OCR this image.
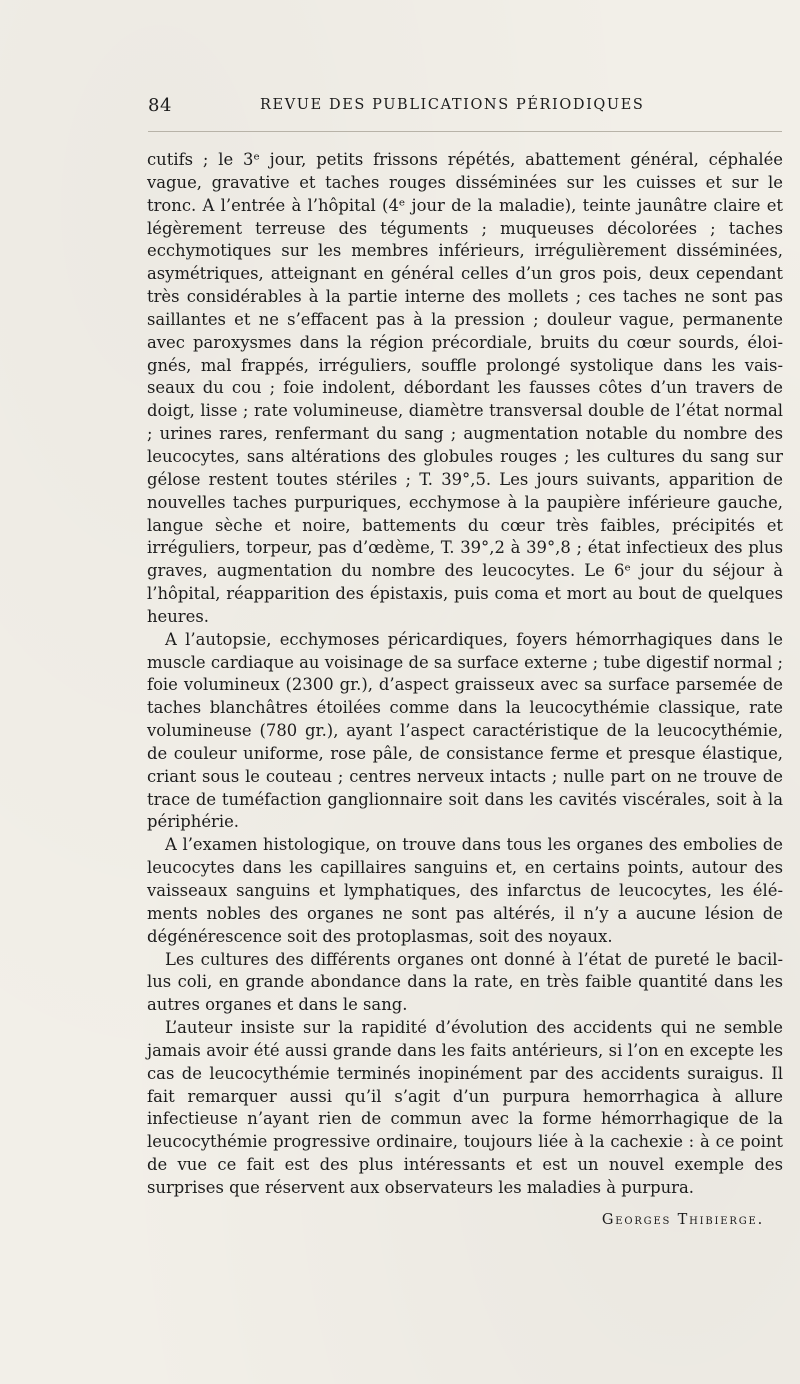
84	REVUE DES PUBLICATIONS PÉRIODIQUES

cutifs ; le 3ᵉ jour, petits frissons répétés, abattement général, céphalée vague, gravative et taches rouges disséminées sur les cuisses et sur le tronc. A l’entrée à l’hôpital (4ᵉ jour de la maladie), teinte jaunâtre claire et légèrement terreuse des téguments ; muqueuses décolorées ; taches ecchymotiques sur les membres inférieurs, irrégulièrement disséminées, asymétriques, atteignant en général celles d’un gros pois, deux cependant très considérables à la partie interne des mollets ; ces taches ne sont pas saillantes et ne s’effacent pas à la pression ; douleur vague, permanente avec paroxysmes dans la région précordiale, bruits du cœur sourds, éloignés, mal frappés, irréguliers, souffle prolongé systolique dans les vaisseaux du cou ; foie indolent, débordant les fausses côtes d’un travers de doigt, lisse ; rate volumineuse, diamètre transversal double de l’état normal ; urines rares, renfermant du sang ; augmentation notable du nombre des leucocytes, sans altérations des globules rouges ; les cultures du sang sur gélose restent toutes stériles ; T. 39°,5. Les jours suivants, apparition de nouvelles taches purpuriques, ecchymose à la paupière inférieure gauche, langue sèche et noire, battements du cœur très faibles, précipités et irréguliers, torpeur, pas d’œdème, T. 39°,2 à 39°,8 ; état infectieux des plus graves, augmentation du nombre des leucocytes. Le 6ᵉ jour du séjour à l’hôpital, réapparition des épistaxis, puis coma et mort au bout de quelques heures.

A l’autopsie, ecchymoses péricardiques, foyers hémorrhagiques dans le muscle cardiaque au voisinage de sa surface externe ; tube digestif normal ; foie volumineux (2300 gr.), d’aspect graisseux avec sa surface parsemée de taches blanchâtres étoilées comme dans la leucocythémie classique, rate volumineuse (780 gr.), ayant l’aspect caractéristique de la leucocythémie, de couleur uniforme, rose pâle, de consistance ferme et presque élastique, criant sous le couteau ; centres nerveux intacts ; nulle part on ne trouve de trace de tuméfaction ganglionnaire soit dans les cavités viscérales, soit à la périphérie.

A l’examen histologique, on trouve dans tous les organes des embolies de leucocytes dans les capillaires sanguins et, en certains points, autour des vaisseaux sanguins et lymphatiques, des infarctus de leucocytes, les éléments nobles des organes ne sont pas altérés, il n’y a aucune lésion de dégénérescence soit des protoplasmas, soit des noyaux.

Les cultures des différents organes ont donné à l’état de pureté le bacillus coli, en grande abondance dans la rate, en très faible quantité dans les autres organes et dans le sang.

L’auteur insiste sur la rapidité d’évolution des accidents qui ne semble jamais avoir été aussi grande dans les faits antérieurs, si l’on en excepte les cas de leucocythémie terminés inopinément par des accidents suraigus. Il fait remarquer aussi qu’il s’agit d’un purpura hemorrhagica à allure infectieuse n’ayant rien de commun avec la forme hémorrhagique de la leucocythémie progressive ordinaire, toujours liée à la cachexie : à ce point de vue ce fait est des plus intéressants et est un nouvel exemple des surprises que réservent aux observateurs les maladies à purpura.

Georges Thibierge.
